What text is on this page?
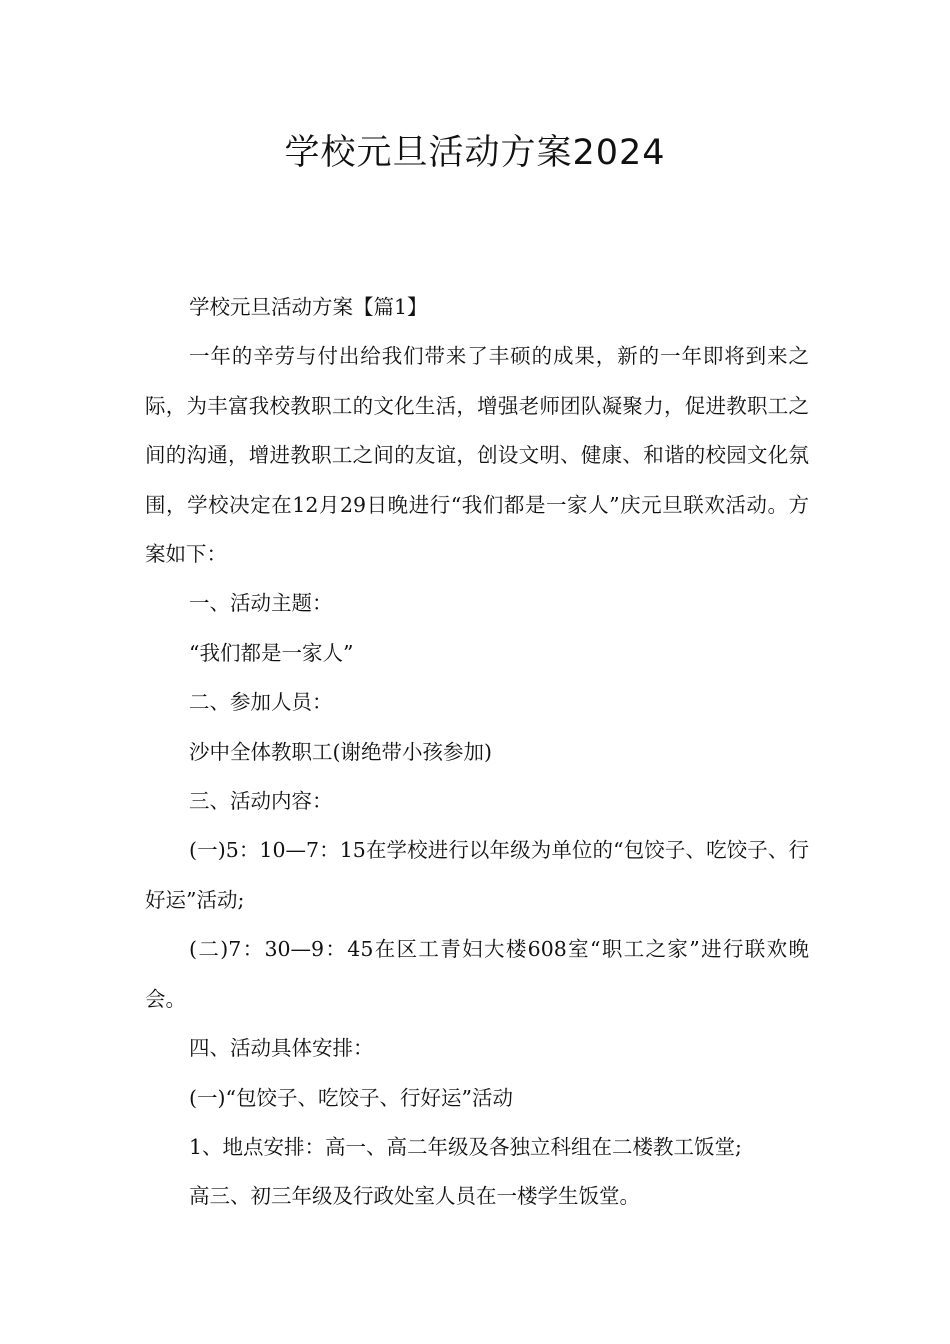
学校元旦活动方案2024

学校元旦活动方案【篇1】

一年的辛劳与付出给我们带来了丰硕的成果，新的一年即将到来之际，为丰富我校教职工的文化生活，增强老师团队凝聚力，促进教职工之间的沟通，增进教职工之间的友谊，创设文明、健康、和谐的校园文化氛围，学校决定在12月29日晚进行“我们都是一家人”庆元旦联欢活动。方案如下：

一、活动主题：

“我们都是一家人”

二、参加人员：

沙中全体教职工(谢绝带小孩参加)

三、活动内容：

(一)5：10—7：15在学校进行以年级为单位的“包饺子、吃饺子、行好运”活动;

(二)7：30—9：45在区工青妇大楼608室“职工之家”进行联欢晚会。

四、活动具体安排：

(一)“包饺子、吃饺子、行好运”活动

1、地点安排：高一、高二年级及各独立科组在二楼教工饭堂;

高三、初三年级及行政处室人员在一楼学生饭堂。
